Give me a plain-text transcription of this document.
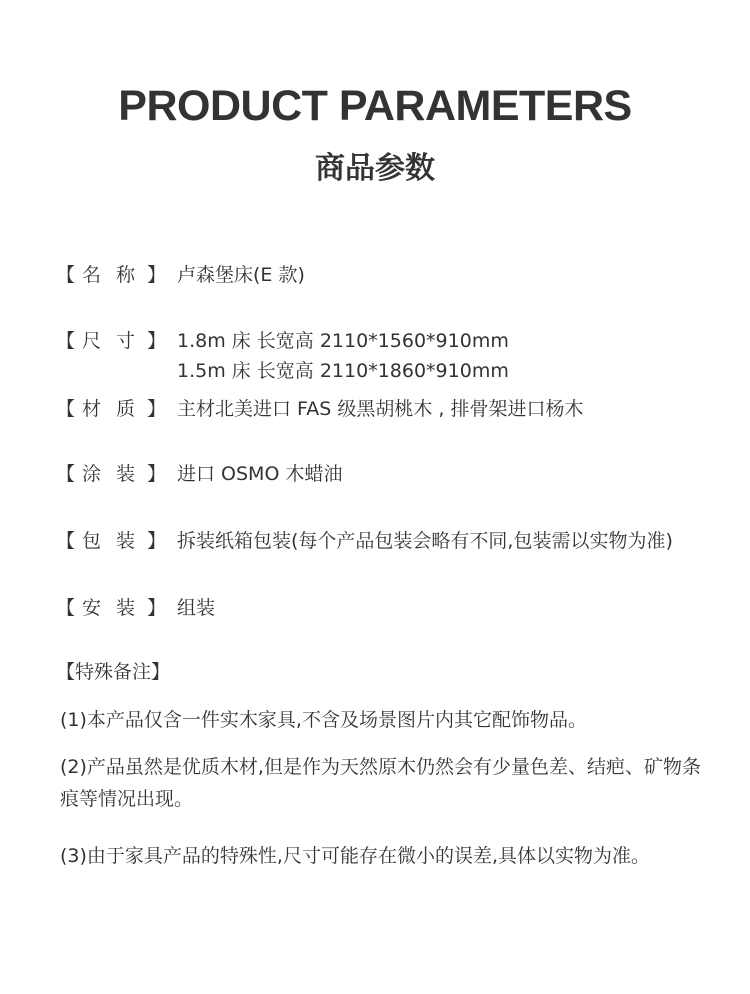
PRODUCT PARAMETERS
商品参数
【 名 称 】 卢森堡床(E 款)
【 尺 寸 】 1.8m 床 长宽高 2110*1560*910mm
1.5m 床 长宽高 2110*1860*910mm
【 材 质 】 主材北美进口 FAS 级黑胡桃木 , 排骨架进口杨木
【 涂 装 】 进口 OSMO 木蜡油
【 包 装 】 拆装纸箱包装(每个产品包装会略有不同,包装需以实物为准)
【 安 装 】 组装
【特殊备注】
(1)本产品仅含一件实木家具,不含及场景图片内其它配饰物品。
(2)产品虽然是优质木材,但是作为天然原木仍然会有少量色差、结疤、矿物条痕等情况出现。
(3)由于家具产品的特殊性,尺寸可能存在微小的误差,具体以实物为准。
